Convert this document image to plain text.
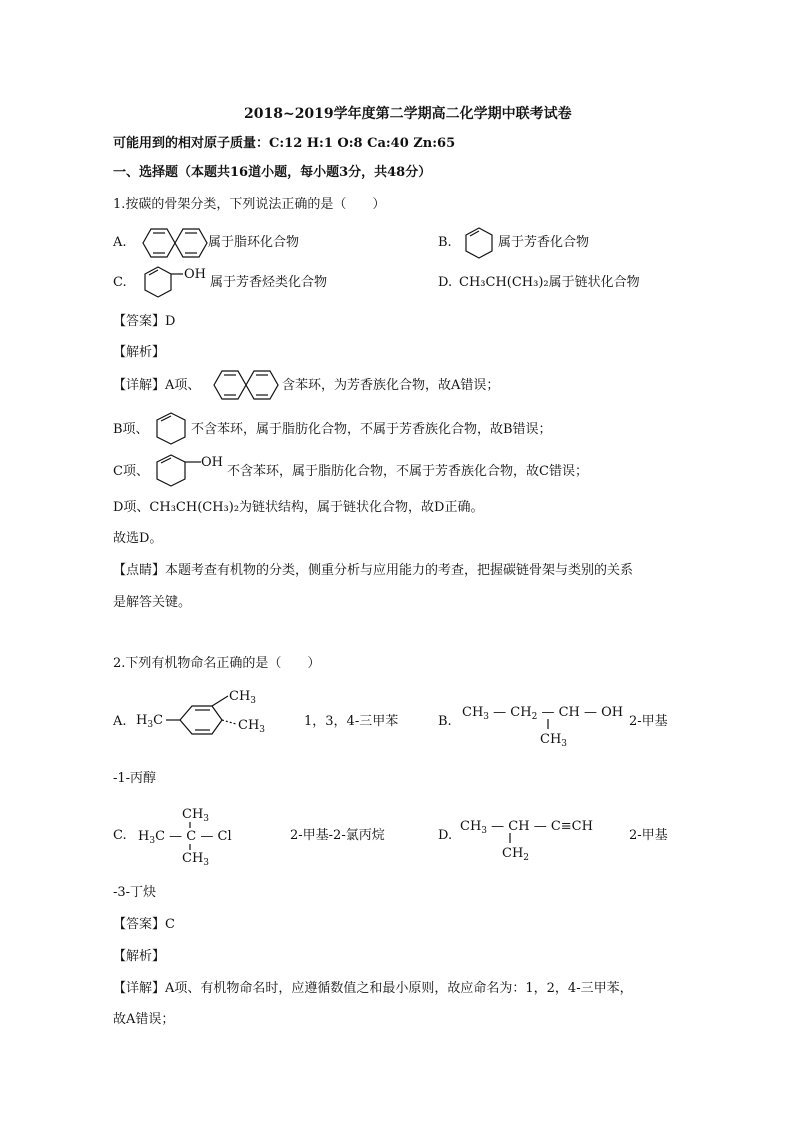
2018~2019学年度第二学期高二化学期中联考试卷
可能用到的相对原子质量：C:12 H:1 O:8 Ca:40 Zn:65
一、选择题（本题共16道小题，每小题3分，共48分）
1.按碳的骨架分类，下列说法正确的是（　　）
A.	属于脂环化合物	B.	属于芳香化合物
C.
OH
属于芳香烃类化合物	D. CH₃CH(CH₃)₂属于链状化合物
【答案】D
【解析】
【详解】A项、	含苯环，为芳香族化合物，故A错误；
B项、	不含苯环，属于脂肪化合物，不属于芳香族化合物，故B错误；
C项、
OH
不含苯环，属于脂肪化合物，不属于芳香族化合物，故C错误；
D项、CH₃CH(CH₃)₂为链状结构，属于链状化合物，故D正确。
故选D。
【点睛】本题考查有机物的分类，侧重分析与应用能力的考查，把握碳链骨架与类别的关系
是解答关键。
2.下列有机物命名正确的是（　　）
A. $H_3C$
$CH_3$
$CH_3$
1，3，4-三甲苯	B.
$CH_3$ — $CH_2$ — CH — OH
$CH_3$
2-甲基
-1-丙醇
C.
$CH_3$
$H_3C$ — C — Cl
$CH_3$
2-甲基-2-氯丙烷	D.
$CH_3$ — CH — C≡CH
$CH_2$
2-甲基
-3-丁炔
【答案】C
【解析】
【详解】A项、有机物命名时，应遵循数值之和最小原则，故应命名为：1，2，4-三甲苯，
故A错误；
